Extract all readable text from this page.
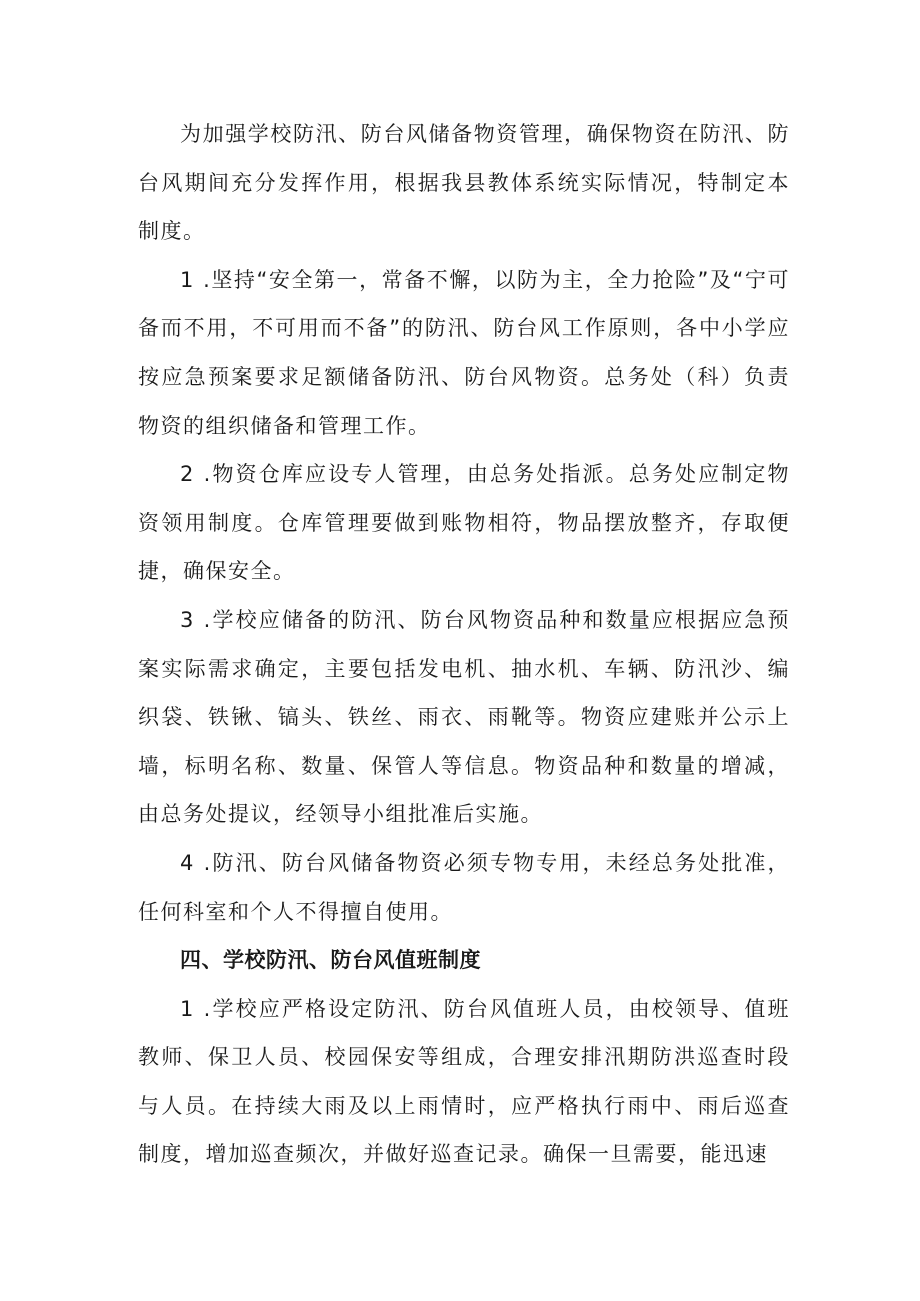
为加强学校防汛、防台风储备物资管理，确保物资在防汛、防台风期间充分发挥作用，根据我县教体系统实际情况，特制定本制度。

1 .坚持“安全第一，常备不懈，以防为主，全力抢险”及“宁可备而不用，不可用而不备”的防汛、防台风工作原则，各中小学应按应急预案要求足额储备防汛、防台风物资。总务处（科）负责物资的组织储备和管理工作。

2 .物资仓库应设专人管理，由总务处指派。总务处应制定物资领用制度。仓库管理要做到账物相符，物品摆放整齐，存取便捷，确保安全。

3 .学校应储备的防汛、防台风物资品种和数量应根据应急预案实际需求确定，主要包括发电机、抽水机、车辆、防汛沙、编织袋、铁锹、镐头、铁丝、雨衣、雨靴等。物资应建账并公示上墙，标明名称、数量、保管人等信息。物资品种和数量的增减，由总务处提议，经领导小组批准后实施。

4 .防汛、防台风储备物资必须专物专用，未经总务处批准，任何科室和个人不得擅自使用。

四、学校防汛、防台风值班制度

1 .学校应严格设定防汛、防台风值班人员，由校领导、值班教师、保卫人员、校园保安等组成，合理安排汛期防洪巡查时段与人员。在持续大雨及以上雨情时，应严格执行雨中、雨后巡查制度，增加巡查频次，并做好巡查记录。确保一旦需要，能迅速
